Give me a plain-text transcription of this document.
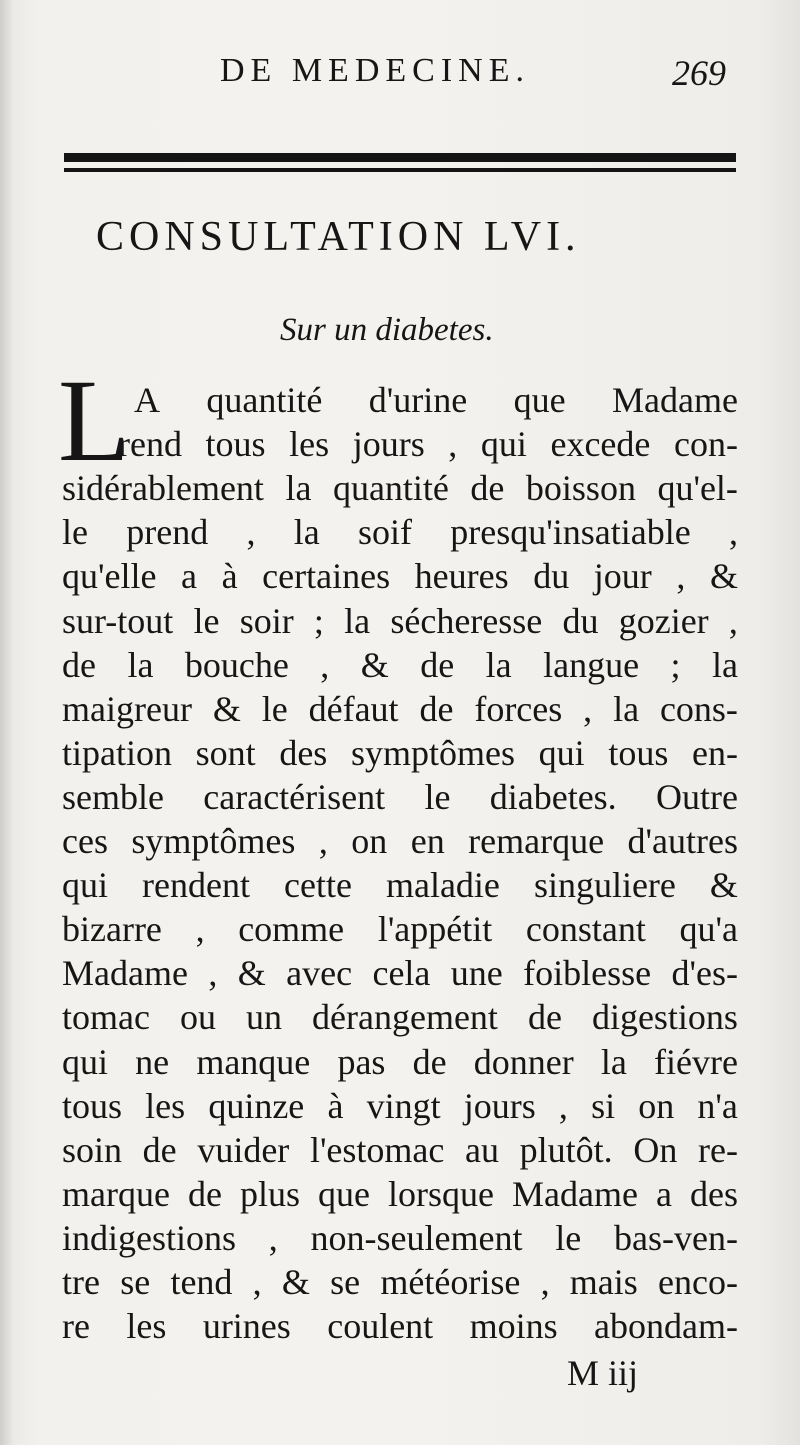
DE MEDECINE.	269
CONSULTATION LVI.
Sur un diabetes.
L A quantité d'urine que Madame
rend tous les jours , qui excede con-
sidérablement la quantité de boisson qu'el-
le prend , la soif presqu'insatiable ,
qu'elle a à certaines heures du jour , &
sur-tout le soir ; la sécheresse du gozier ,
de la bouche , & de la langue ; la
maigreur & le défaut de forces , la cons-
tipation sont des symptômes qui tous en-
semble caractérisent le diabetes. Outre
ces symptômes , on en remarque d'autres
qui rendent cette maladie singuliere &
bizarre , comme l'appétit constant qu'a
Madame , & avec cela une foiblesse d'es-
tomac ou un dérangement de digestions
qui ne manque pas de donner la fiévre
tous les quinze à vingt jours , si on n'a
soin de vuider l'estomac au plutôt. On re-
marque de plus que lorsque Madame a des
indigestions , non-seulement le bas-ven-
tre se tend , & se météorise , mais enco-
re les urines coulent moins abondam-
M iij
